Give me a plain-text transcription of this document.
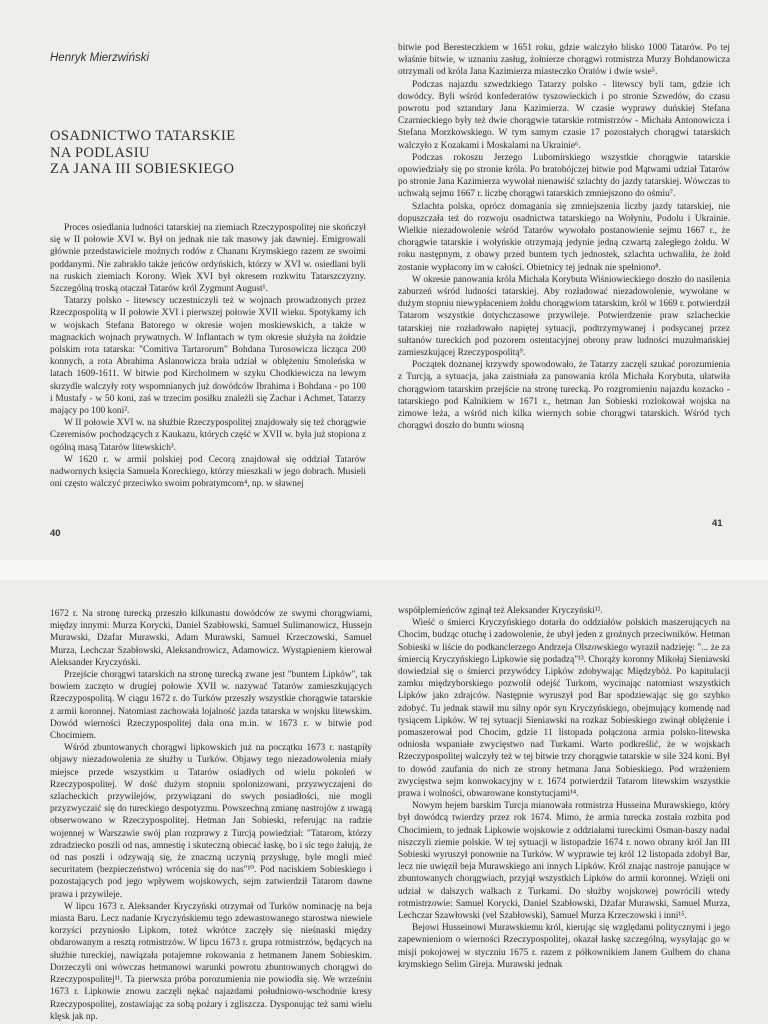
Henryk Mierzwiński
OSADNICTWO TATARSKIE
NA PODLASIU
ZA JANA III SOBIESKIEGO

Proces osiedlania ludności tatarskiej na ziemiach Rzeczypospolitej nie skończył się w II połowie XVI w. Był on jednak nie tak masowy jak dawniej. Emigrowali głównie przedstawiciele możnych rodów z Chanatu Krymskiego razem ze swoimi poddanymi. Nie zabrakło także jeńców ordyńskich, którzy w XVI w. osiedlani byli na ruskich ziemiach Korony. Wiek XVI był okresem rozkwitu Tatarszczyzny. Szczególną troską otaczał Tatarów król Zygmunt August¹.

Tatarzy polsko - litewscy uczestniczyli też w wojnach prowadzonych przez Rzeczpospolitą w II połowie XVI i pierwszej połowie XVII wieku. Spotykamy ich w wojskach Stefana Batorego w okresie wojen moskiewskich, a także w magnackich wojnach prywatnych. W Inflantach w tym okresie służyła na żołdzie polskim rota tatarska: "Comitiva Tartarorum" Bohdana Turosowicza licząca 200 konnych, a rota Abrahima Aslanowicza brała udział w oblężeniu Smoleńska w latach 1609-1611. W bitwie pod Kircholmem w szyku Chodkiewicza na lewym skrzydle walczyły roty wspomnianych już dowódców Ibrahima i Bohdana - po 100 i Mustafy - w 50 koni, zaś w trzecim posiłku znaleźli się Zachar i Achmet, Tatarzy mający po 100 koni².

W II połowie XVI w. na służbie Rzeczypospolitej znajdowały się też chorągwie Czeremisów pochodzących z Kaukazu, których część w XVII w. była już stopiona z ogólną masą Tatarów litewskich³.

W 1620 r. w armii polskiej pod Cecorą znajdował się oddział Tatarów nadwornych księcia Samuela Koreckiego, którzy mieszkali w jego dobrach. Musieli oni często walczyć przeciwko swoim pobratymcom⁴, np. w sławnej

bitwie pod Beresteczkiem w 1651 roku, gdzie walczyło blisko 1000 Tatarów. Po tej właśnie bitwie, w uznaniu zasług, żołnierze chorągwi rotmistrza Murzy Bohdanowicza otrzymali od króla Jana Kazimierza miasteczko Oratów i dwie wsie⁵.

Podczas najazdu szwedzkiego Tatarzy polsko - litewscy byli tam, gdzie ich dowódcy. Byli wśród konfederatów tyszowieckich i po stronie Szwedów, do czasu powrotu pod sztandary Jana Kazimierza. W czasie wyprawy duńskiej Stefana Czarnieckiego były też dwie chorągwie tatarskie rotmistrzów - Michała Antonowicza i Stefana Morzkowskiego. W tym samym czasie 17 pozostałych chorągwi tatarskich walczyło z Kozakami i Moskalami na Ukrainie⁶.

Podczas rokoszu Jerzego Lubomirskiego wszystkie chorągwie tatarskie opowiedziały się po stronie króla. Po bratobójczej bitwie pod Mątwami udział Tatarów po stronie Jana Kazimierza wywołał nienawiść szlachty do jazdy tatarskiej. Wówczas to uchwałą sejmu 1667 r. liczbę chorągwi tatarskich zmniejszono do ośmiu⁷.

Szlachta polska, oprócz domagania się zmniejszenia liczby jazdy tatarskiej, nie dopuszczała też do rozwoju osadnictwa tatarskiego na Wołyniu, Podolu i Ukrainie. Wielkie niezadowolenie wśród Tatarów wywołało postanowienie sejmu 1667 r., że chorągwie tatarskie i wołyńskie otrzymają jedynie jedną czwartą zaległego żołdu. W roku następnym, z obawy przed buntem tych jednostek, szlachta uchwaliła, że żołd zostanie wypłacony im w całości. Obietnicy tej jednak nie spełniono⁸.

W okresie panowania króla Michała Korybuta Wiśniowieckiego doszło do nasilenia zaburzeń wśród ludności tatarskiej. Aby rozładować niezadowolenie, wywołane w dużym stopniu niewypłaceniem żołdu chorągwiom tatarskim, król w 1669 r. potwierdził Tatarom wszystkie dotychczasowe przywileje. Potwierdzenie praw szlacheckie tatarskiej nie rozładowało napiętej sytuacji, podtrzymywanej i podsycanej przez sułtanów tureckich pod pozorem ostentacyjnej obrony praw ludności muzułmańskiej zamieszkującej Rzeczypospolitą⁹.

Początek doznanej krzywdy spowodowało, że Tatarzy zaczęli szukać porozumienia z Turcją, a sytuacja, jaka zaistniała za panowania króla Michała Korybuta, ułatwiła chorągwiom tatarskim przejście na stronę turecką. Po rozgromieniu najazdu kozacko - tatarskiego pod Kalnikiem w 1671 r., hetman Jan Sobieski rozlokował wojska na zimowe leża, a wśród nich kilka wiernych sobie chorągwi tatarskich. Wśród tych chorągwi doszło do buntu wiosną

40
41

1672 r. Na stronę turecką przeszło kilkunastu dowódców ze swymi chorągwiami, między innymi: Murza Korycki, Daniel Szabłowski, Samuel Sulimanowicz, Hussejn Murawski, Dżafar Murawski, Adam Murawski, Samuel Krzeczowski, Samuel Murza, Lechczar Szabłowski, Aleksandrowicz, Adamowicz. Wystąpieniem kierował Aleksander Kryczyński.

Przejście chorągwi tatarskich na stronę turecką zwane jest "buntem Lipków", tak bowiem zaczęto w drugiej połowie XVII w. nazywać Tatarów zamieszkujących Rzeczypospolitą. W ciągu 1672 r. do Turków przeszły wszystkie chorągwie tatarskie z armii koronnej. Natomiast zachowała lojalność jazda tatarska w wojsku litewskim. Dowód wierności Rzeczypospolitej dała ona m.in. w 1673 r. w bitwie pod Chocimiem.

Wśród zbuntowanych chorągwi lipkowskich już na początku 1673 r. nastąpiły objawy niezadowolenia ze służby u Turków. Objawy tego niezadowolenia miały miejsce przede wszystkim u Tatarów osiadłych od wielu pokoleń w Rzeczypospolitej. W dość dużym stopniu spolonizowani, przyzwyczajeni do szlacheckich przywilejów, przywiązani do swych posiadłości, nie mogli przyzwyczaić się do tureckiego despotyzmu. Powszechną zmianę nastrojów z uwagą obserwowano w Rzeczypospolitej. Hetman Jan Sobieski, referując na radzie wojennej w Warszawie swój plan rozprawy z Turcją powiedział: "Tatarom, którzy zdradziecko poszli od nas, amnestię i skuteczną obiecać łaskę, bo i sic tego żałują, że od nas poszli i odzywają się, że znaczną uczynią przysługę, byle mogli mieć securitatem (bezpieczeństwo) wrócenia się do nas"¹⁰. Pod naciskiem Sobieskiego i pozostających pod jego wpływem wojskowych, sejm zatwierdził Tatarom dawne prawa i przywileje.

W lipcu 1673 r. Aleksander Kryczyński otrzymał od Turków nominację na beja miasta Baru. Lecz nadanie Kryczyńskiemu tego zdewastowanego starostwa niewiele korzyści przyniosło Lipkom, toteż wkrótce zaczęły się nieśnaski między obdarowanym a resztą rotmistrzów. W lipcu 1673 r. grupa rotmistrzów, będących na służbie tureckiej, nawiązała potajemne rokowania z hetmanem Janem Sobieskim. Dorzeczyli oni wówczas hetmanowi warunki powrotu zbuntowanych chorągwi do Rzeczypospolitej¹¹. Ta pierwsza próba porozumienia nie powiodła się. We wrześniu 1673 r. Lipkowie znowu zaczęli nękać najazdami południowo-wschodnie kresy Rzeczypospolitej, zostawiając za sobą pożary i zgliszcza. Dysponując też sami wielu klęsk jak np.

współplemieńców zginął też Aleksander Kryczyński¹².

Wieść o śmierci Kryczyńskiego dotarła do oddziałów polskich maszerujących na Chocim, budząc otuchę i zadowolenie, że ubył jeden z groźnych przeciwników. Hetman Sobieski w liście do podkanclerzego Andrzeja Olszowskiego wyraził nadzieję: "... że za śmiercią Kryczyńskiego Lipkowie się podadzą"¹³. Chorąży koronny Mikołaj Sieniawski dowiedział się o śmierci przywódcy Lipków zdobywając Międzybóż. Po kapitulacji zamku międzyborskiego pozwolił odejść Turkom, wycinając natomiast wszystkich Lipków jako zdrajców. Następnie wyruszył pod Bar spodziewając się go szybko zdobyć. Tu jednak stawił mu silny opór syn Kryczyńskiego, obejmujący komendę nad tysiącem Lipków. W tej sytuacji Sieniawski na rozkaz Sobieskiego zwinął oblężenie i pomaszerował pod Chocim, gdzie 11 listopada połączona armia polsko-litewska odniosła wspaniałe zwycięstwo nad Turkami. Warto podkreślić, że w wojskach Rzeczypospolitej walczyły też w tej bitwie trzy chorągwie tatarskie w sile 324 koni. Był to dowód zaufania do nich ze strony hetmana Jana Sobieskiego. Pod wrażeniem zwycięstwa sejm konwokacyjny w r. 1674 potwierdził Tatarom litewskim wszystkie prawa i wolności, obwarowane konstytucjami¹⁴.

Nowym hejem barskim Turcja mianowała rotmistrza Husseina Murawskiego, który był dowódcą twierdzy przez rok 1674. Mimo, że armia turecka została rozbita pod Chocimiem, to jednak Lipkowie wojskowie z oddziałami tureckimi Osman-baszy nadal niszczyli ziemie polskie. W tej sytuacji w listopadzie 1674 r. nowo obrany król Jan III Sobieski wyruszył ponownie na Turków. W wyprawie tej król 12 listopada zdobył Bar, lecz nie uwięził beja Murawskiego ani innych Lipków. Król znając nastroje panujące w zbuntowanych chorągwiach, przyjął wszystkich Lipków do armii koronnej. Wzięli oni udział w dalszych walkach z Turkami. Do służby wojskowej powrócili wtedy rotmistrzowie: Samuel Korycki, Daniel Szabłowski, Dżafar Murawski, Samuel Murza, Lechczar Szawłowski (vel Szabłowski), Samuel Murza Krzeczowski i inni¹⁵.

Bejowi Husseinowi Murawskiemu król, kierując się względami politycznymi i jego zapewnieniom o wierności Rzeczypospolitej, okazał łaskę szczególną, wysyłając go w misji pokojowej w styczniu 1675 r. razem z półkownikiem Janem Gulbem do chana krymskiego Selim Gireja. Murawski jednak
